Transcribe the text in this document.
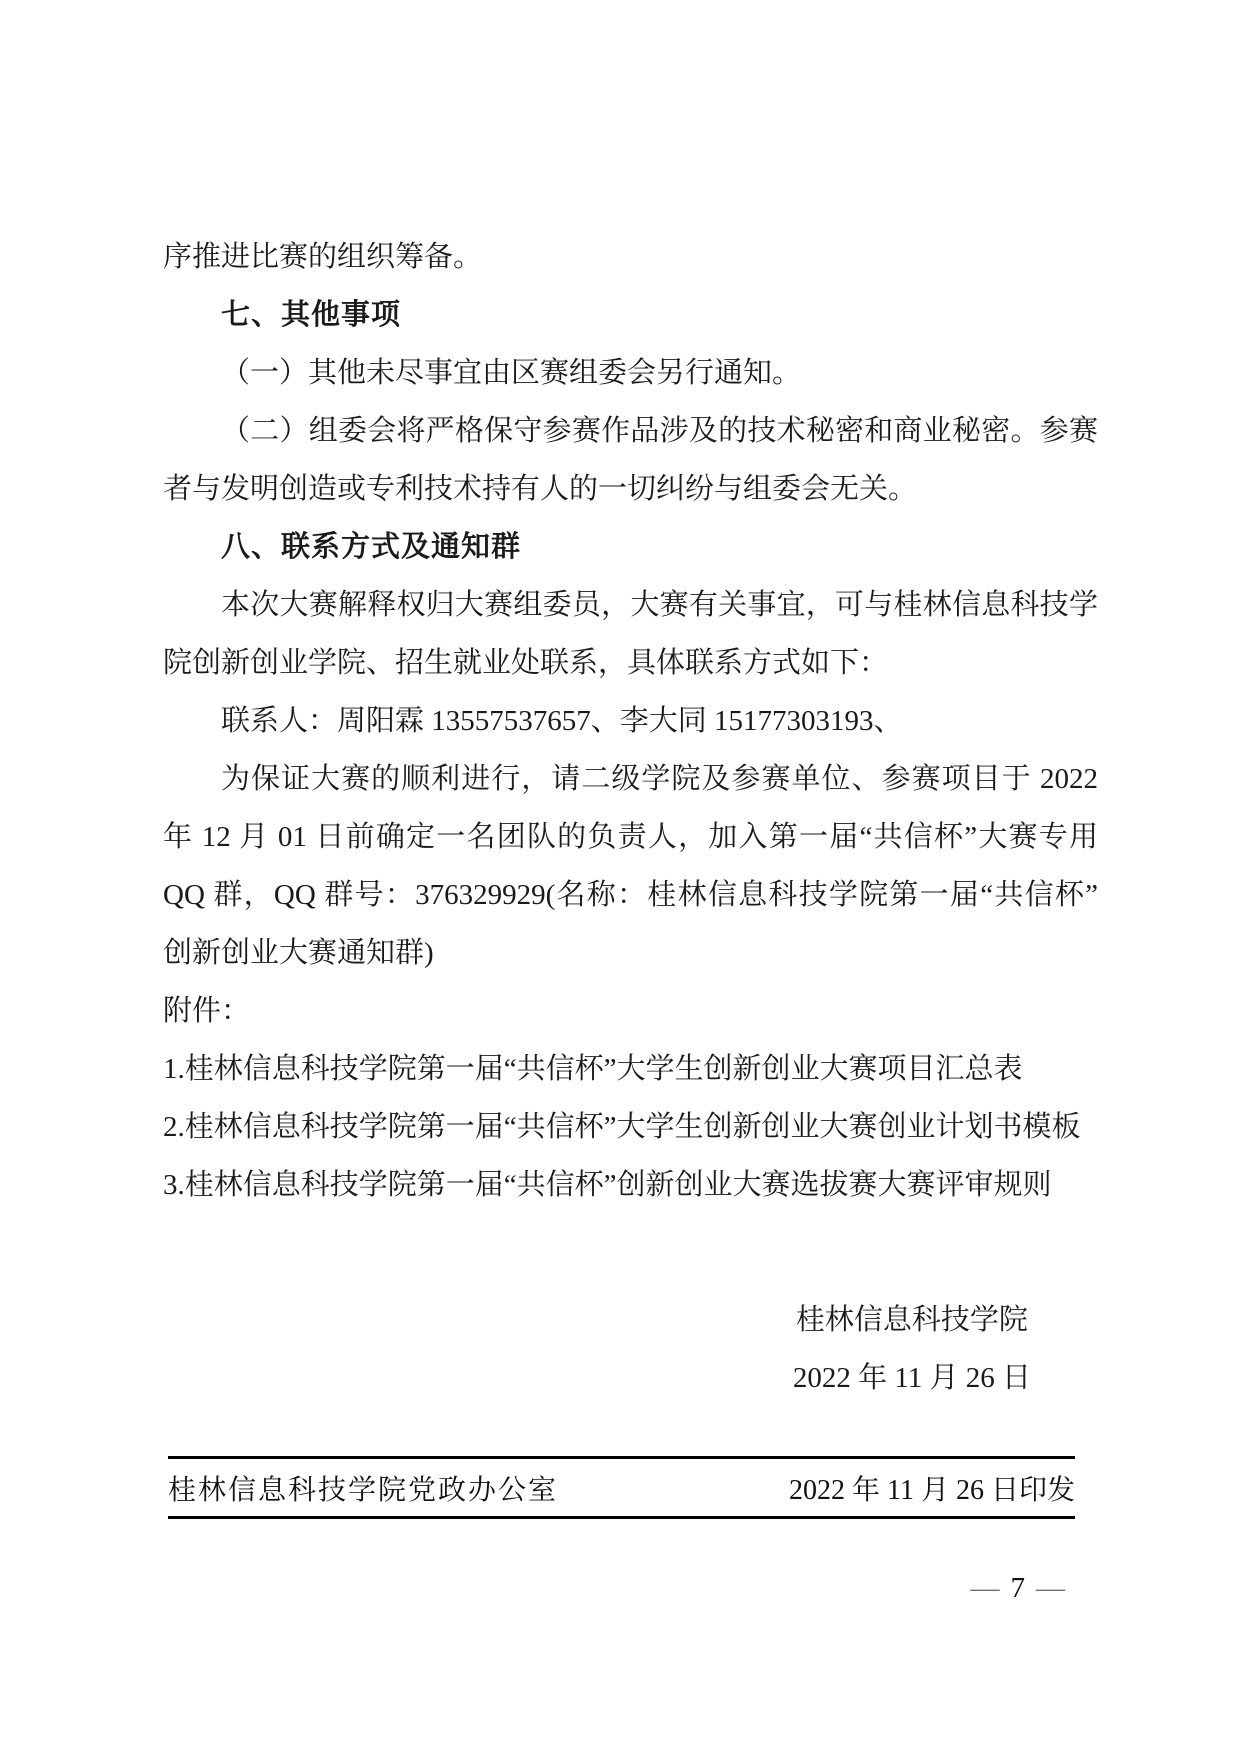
序推进比赛的组织筹备。
七、其他事项
（一）其他未尽事宜由区赛组委会另行通知。
（二）组委会将严格保守参赛作品涉及的技术秘密和商业秘密。参赛
者与发明创造或专利技术持有人的一切纠纷与组委会无关。
八、联系方式及通知群
本次大赛解释权归大赛组委员，大赛有关事宜，可与桂林信息科技学
院创新创业学院、招生就业处联系，具体联系方式如下：
联系人：周阳霖 13557537657、李大同 15177303193、
为保证大赛的顺利进行，请二级学院及参赛单位、参赛项目于 2022
年 12 月 01 日前确定一名团队的负责人，加入第一届“共信杯”大赛专用
QQ 群，QQ 群号：376329929(名称：桂林信息科技学院第一届“共信杯”
创新创业大赛通知群)
附件：
1.桂林信息科技学院第一届“共信杯”大学生创新创业大赛项目汇总表
2.桂林信息科技学院第一届“共信杯”大学生创新创业大赛创业计划书模板
3.桂林信息科技学院第一届“共信杯”创新创业大赛选拔赛大赛评审规则
桂林信息科技学院
2022 年 11 月 26 日
桂林信息科技学院党政办公室	2022 年 11 月 26 日印发
— 7 —
